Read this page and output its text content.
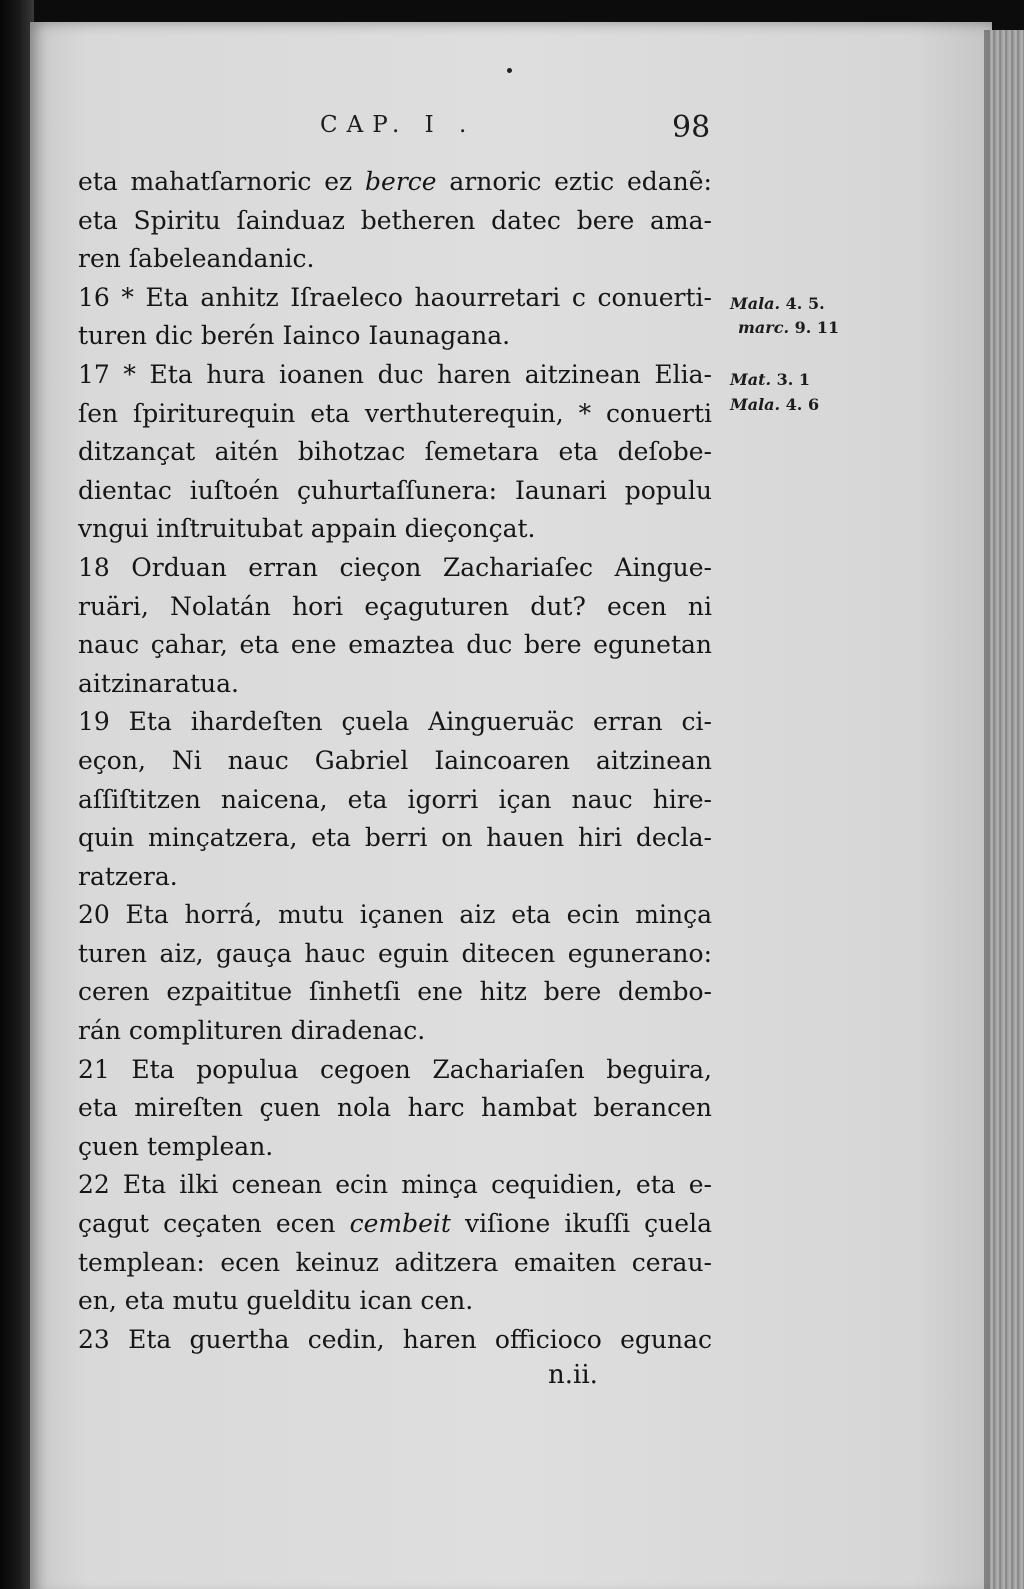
CAP. I .	98
eta mahatſarnoric ez berce arnoric eztic edanẽ:
eta Spiritu ſainduaz betheren datec bere ama-
ren ſabeleandanic.
16 * Eta anhitz Iſraeleco haourretari c conuerti-
turen dic berén Iainco Iaunagana.
17 * Eta hura ioanen duc haren aitzinean Elia-
ſen ſpiriturequin eta verthuterequin, * conuerti
ditzançat aitén bihotzac ſemetara eta deſobe-
dientac iuſtoén çuhurtaſſunera: Iaunari populu
vngui inſtruitubat appain dieçonçat.
18 Orduan erran cieçon Zachariaſec Aingue-
ruäri, Nolatán hori eçaguturen dut? ecen ni
nauc çahar, eta ene emaztea duc bere egunetan
aitzinaratua.
19 Eta ihardeſten çuela Aingueruäc erran ci-
eçon, Ni nauc Gabriel Iaincoaren aitzinean
aſſiſtitzen naicena, eta igorri içan nauc hire-
quin minçatzera, eta berri on hauen hiri decla-
ratzera.
20 Eta horrá, mutu içanen aiz eta ecin minça
turen aiz, gauça hauc eguin ditecen egunerano:
ceren ezpaititue ſinhetſi ene hitz bere dembo-
rán complituren diradenac.
21 Eta populua cegoen Zachariaſen beguira,
eta mireſten çuen nola harc hambat berancen
çuen templean.
22 Eta ilki cenean ecin minça cequidien, eta e-
çagut ceçaten ecen cembeit viſione ikuſſi çuela
templean: ecen keinuz aditzera emaiten cerau-
en, eta mutu guelditu ican cen.
23 Eta guertha cedin, haren officioco egunac
Mala. 4. 5.
marc. 9. 11
Mat. 3. 1
Mala. 4. 6
n.ii.
